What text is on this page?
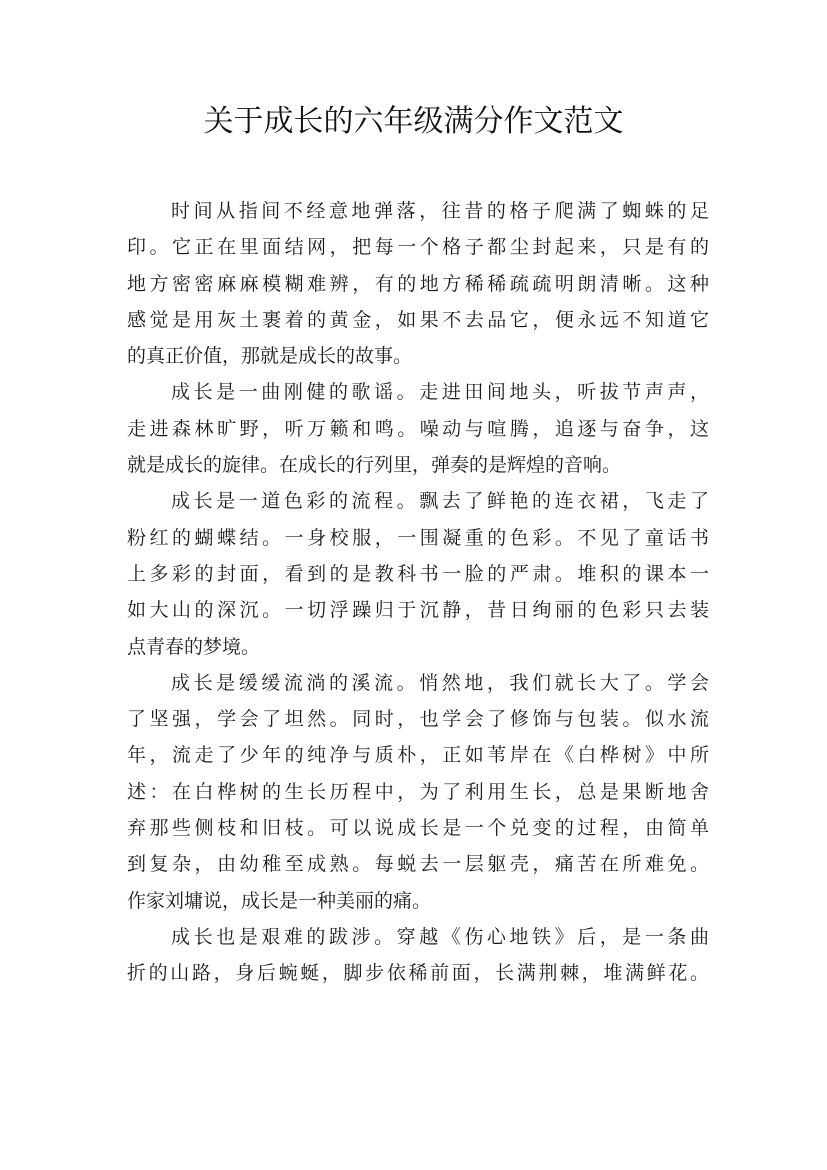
关于成长的六年级满分作文范文
时间从指间不经意地弹落，往昔的格子爬满了蜘蛛的足
印。它正在里面结网，把每一个格子都尘封起来，只是有的
地方密密麻麻模糊难辨，有的地方稀稀疏疏明朗清晰。这种
感觉是用灰土裹着的黄金，如果不去品它，便永远不知道它
的真正价值，那就是成长的故事。
成长是一曲刚健的歌谣。走进田间地头，听拔节声声，
走进森林旷野，听万籁和鸣。噪动与喧腾，追逐与奋争，这
就是成长的旋律。在成长的行列里，弹奏的是辉煌的音响。
成长是一道色彩的流程。飘去了鲜艳的连衣裙，飞走了
粉红的蝴蝶结。一身校服，一围凝重的色彩。不见了童话书
上多彩的封面，看到的是教科书一脸的严肃。堆积的课本一
如大山的深沉。一切浮躁归于沉静，昔日绚丽的色彩只去装
点青春的梦境。
成长是缓缓流淌的溪流。悄然地，我们就长大了。学会
了坚强，学会了坦然。同时，也学会了修饰与包装。似水流
年，流走了少年的纯净与质朴，正如苇岸在《白桦树》中所
述：在白桦树的生长历程中，为了利用生长，总是果断地舍
弃那些侧枝和旧枝。可以说成长是一个兑变的过程，由简单
到复杂，由幼稚至成熟。每蜕去一层躯壳，痛苦在所难免。
作家刘墉说，成长是一种美丽的痛。
成长也是艰难的跋涉。穿越《伤心地铁》后，是一条曲
折的山路，身后蜿蜒，脚步依稀前面，长满荆棘，堆满鲜花。
